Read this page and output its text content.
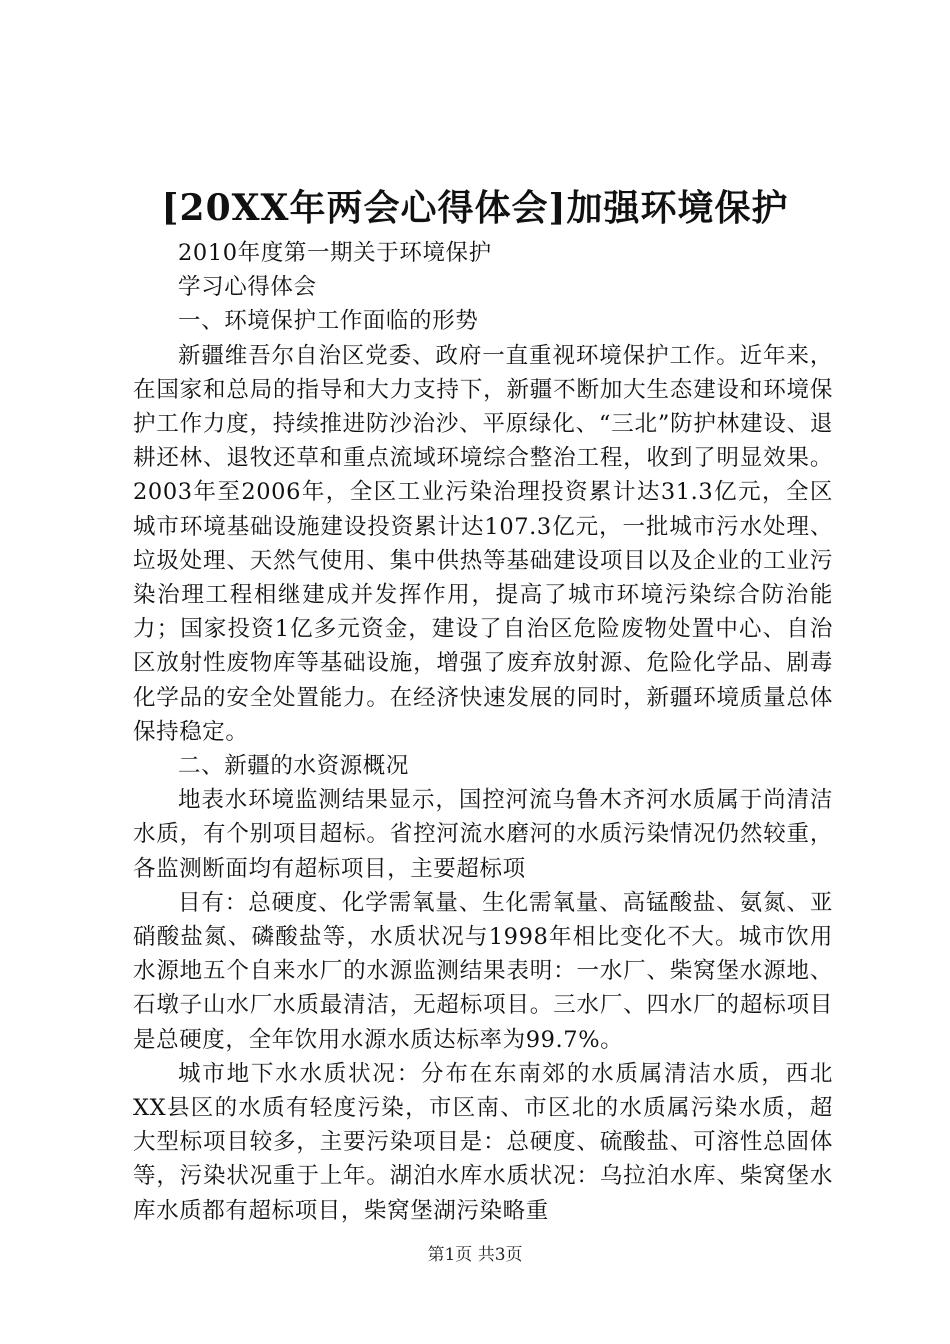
[20XX年两会心得体会]加强环境保护

2010年度第一期关于环境保护

学习心得体会

一、环境保护工作面临的形势

新疆维吾尔自治区党委、政府一直重视环境保护工作。近年来，在国家和总局的指导和大力支持下，新疆不断加大生态建设和环境保护工作力度，持续推进防沙治沙、平原绿化、“三北”防护林建设、退耕还林、退牧还草和重点流域环境综合整治工程，收到了明显效果。2003年至2006年，全区工业污染治理投资累计达31.3亿元，全区城市环境基础设施建设投资累计达107.3亿元，一批城市污水处理、垃圾处理、天然气使用、集中供热等基础建设项目以及企业的工业污染治理工程相继建成并发挥作用，提高了城市环境污染综合防治能力；国家投资1亿多元资金，建设了自治区危险废物处置中心、自治区放射性废物库等基础设施，增强了废弃放射源、危险化学品、剧毒化学品的安全处置能力。在经济快速发展的同时，新疆环境质量总体保持稳定。

二、新疆的水资源概况

地表水环境监测结果显示，国控河流乌鲁木齐河水质属于尚清洁水质，有个别项目超标。省控河流水磨河的水质污染情况仍然较重，各监测断面均有超标项目，主要超标项

目有：总硬度、化学需氧量、生化需氧量、高锰酸盐、氨氮、亚硝酸盐氮、磷酸盐等，水质状况与1998年相比变化不大。城市饮用水源地五个自来水厂的水源监测结果表明：一水厂、柴窝堡水源地、石墩子山水厂水质最清洁，无超标项目。三水厂、四水厂的超标项目是总硬度，全年饮用水源水质达标率为99.7%。

城市地下水水质状况：分布在东南郊的水质属清洁水质，西北XX县区的水质有轻度污染，市区南、市区北的水质属污染水质，超大型标项目较多，主要污染项目是：总硬度、硫酸盐、可溶性总固体等，污染状况重于上年。湖泊水库水质状况：乌拉泊水库、柴窝堡水库水质都有超标项目，柴窝堡湖污染略重

第1页 共3页
